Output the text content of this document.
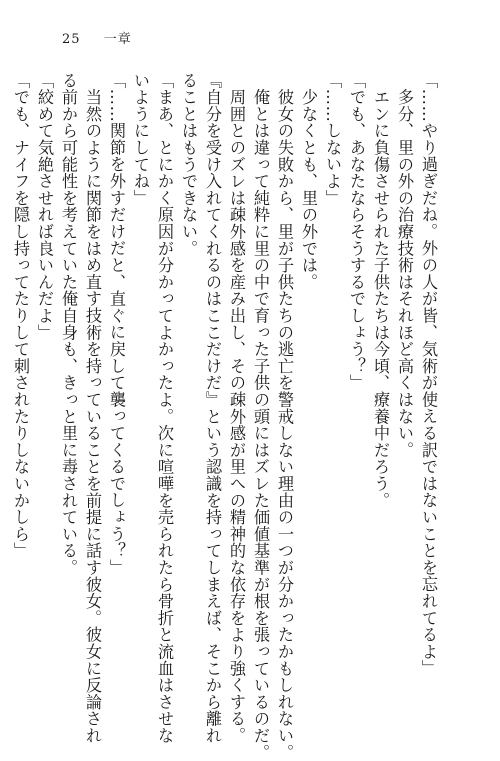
25 一章
「……やり過ぎだね。外の人が皆、気術が使える訳ではないことを忘れてるよ」
　多分、里の外の治療技術はそれほど高くはない。
　エンに負傷させられた子供たちは今頃、療養中だろう。
「でも、あなたならそうするでしょう？」
「……しないよ」
　少なくとも、里の外では。
　彼女の失敗から、里が子供たちの逃亡を警戒しない理由の一つが分かったかもしれない。
　俺とは違って純粋に里の中で育った子供の頭にはズレた価値基準が根を張っているのだ。
　周囲とのズレは疎外感を産み出し、その疎外感が里への精神的な依存をより強くする。
『自分を受け入れてくれるのはここだけだ』という認識を持ってしまえば、そこから離れ
ることはもうできない。
「まあ、とにかく原因が分かってよかったよ。次に喧嘩を売られたら骨折と流血はさせな
いようにしてね」
「……関節を外すだけだと、直ぐに戻して襲ってくるでしょう？」
　当然のように関節をはめ直す技術を持っていることを前提に話す彼女。彼女に反論され
る前から可能性を考えていた俺自身も、きっと里に毒されている。
「絞めて気絶させれば良いんだよ」
「でも、ナイフを隠し持ってたりして刺されたりしないかしら」
